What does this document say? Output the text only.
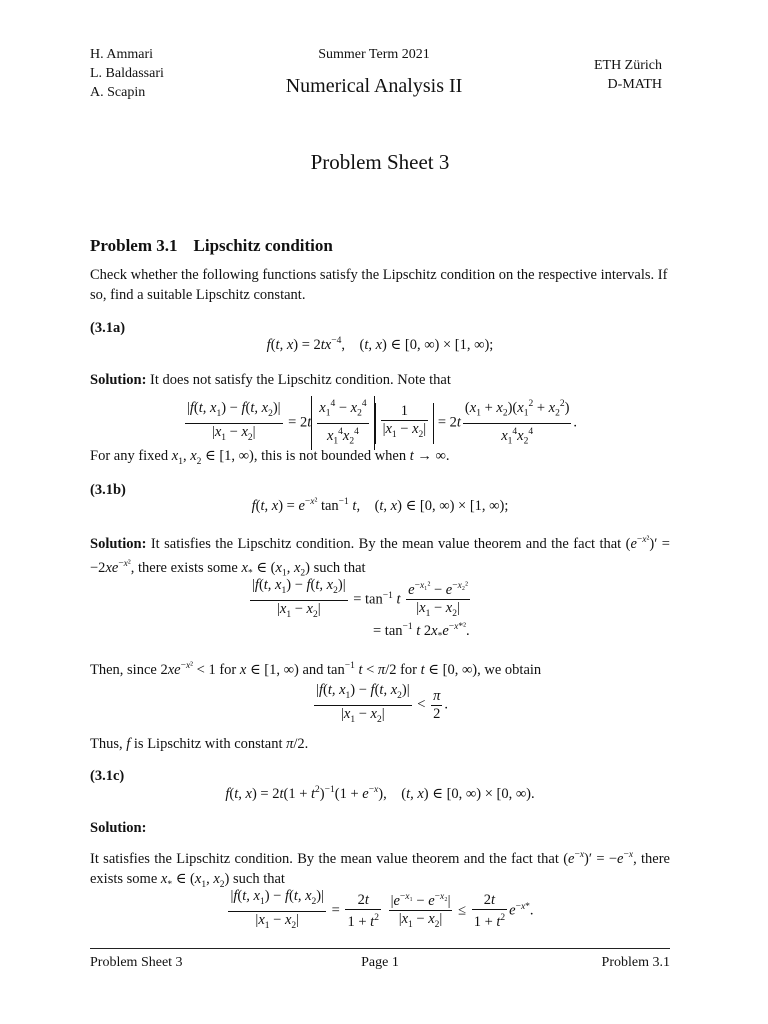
H. Ammari
L. Baldassari
A. Scapin
Summer Term 2021
Numerical Analysis II
ETH Zürich
D-MATH
Problem Sheet 3
Problem 3.1 Lipschitz condition
Check whether the following functions satisfy the Lipschitz condition on the respective intervals. If so, find a suitable Lipschitz constant.
(3.1a)
f(t, $x) = 2tx^{-4}$,    (t, x) ∈ [0, ∞) × [1, ∞);
Solution: It does not satisfy the Lipschitz condition. Note that
$\frac{|f(t, x_1) - f(t, x_2)|}{|x_1 - x_2|} = 2t \frac{x_1^4 - x_2^4}{x_1^4x_2^4} \frac{1}{|x_1 - x_2|} = 2t \frac{(x_1 + x_2)(x_1^2 + x_2^2)}{x_1^4x_2^4}$ .
For any fixed $x_1$, $x_2$ ∈ [1, ∞), this is not bounded when t → ∞.
(3.1b)
f(t, $x) = e^{-x^2}$ $\tan^{-1} t$,    (t, x) ∈ [0, ∞) × [1, ∞);
Solution: It satisfies the Lipschitz condition. By the mean value theorem and the fact that $(e^{-x^2})' = -2xe^{-x^2}$, there exists some $x_*$ ∈ ($x_1$, $x_2$) such that
$\frac{|f(t, x_1) - f(t, x_2)|}{|x_1 - x_2|} = \tan^{-1} t \frac{e^{-x_1^2} - e^{-x_2^2}}{|x_1 - x_2|}$
= $\tan^{-1} t$ $2x_*e^{-x*^2}$.
Then, since $2xe^{-x^2} < 1$ for x ∈ [1, ∞) and $\tan^{-1} t < \pi/2$ for t ∈ [0, ∞), we obtain
$\frac{|f(t, x_1) - f(t, x_2)|}{|x_1 - x_2|} < \frac{\pi}{2}$ .
Thus, f is Lipschitz with constant π/2.
(3.1c)
f(t, $x) = 2t(1 + t^2)^{-1}(1 + e^{-x})$,    (t, x) ∈ [0, ∞) × [0, ∞).
Solution:
It satisfies the Lipschitz condition. By the mean value theorem and the fact that $(e^{-x})' = -e^{-x}$, there exists some $x_*$ ∈ ($x_1$, $x_2$) such that
$\frac{|f(t, x_1) - f(t, x_2)|}{|x_1 - x_2|} = \frac{2t}{1 + t^2}$
$\frac{|e^{-x_1} - e^{-x_2}|}{|x_1 - x_2|} \le \frac{2t}{1 + t^2} e^{-x*}$.
Problem Sheet 3	Page 1	Problem 3.1
